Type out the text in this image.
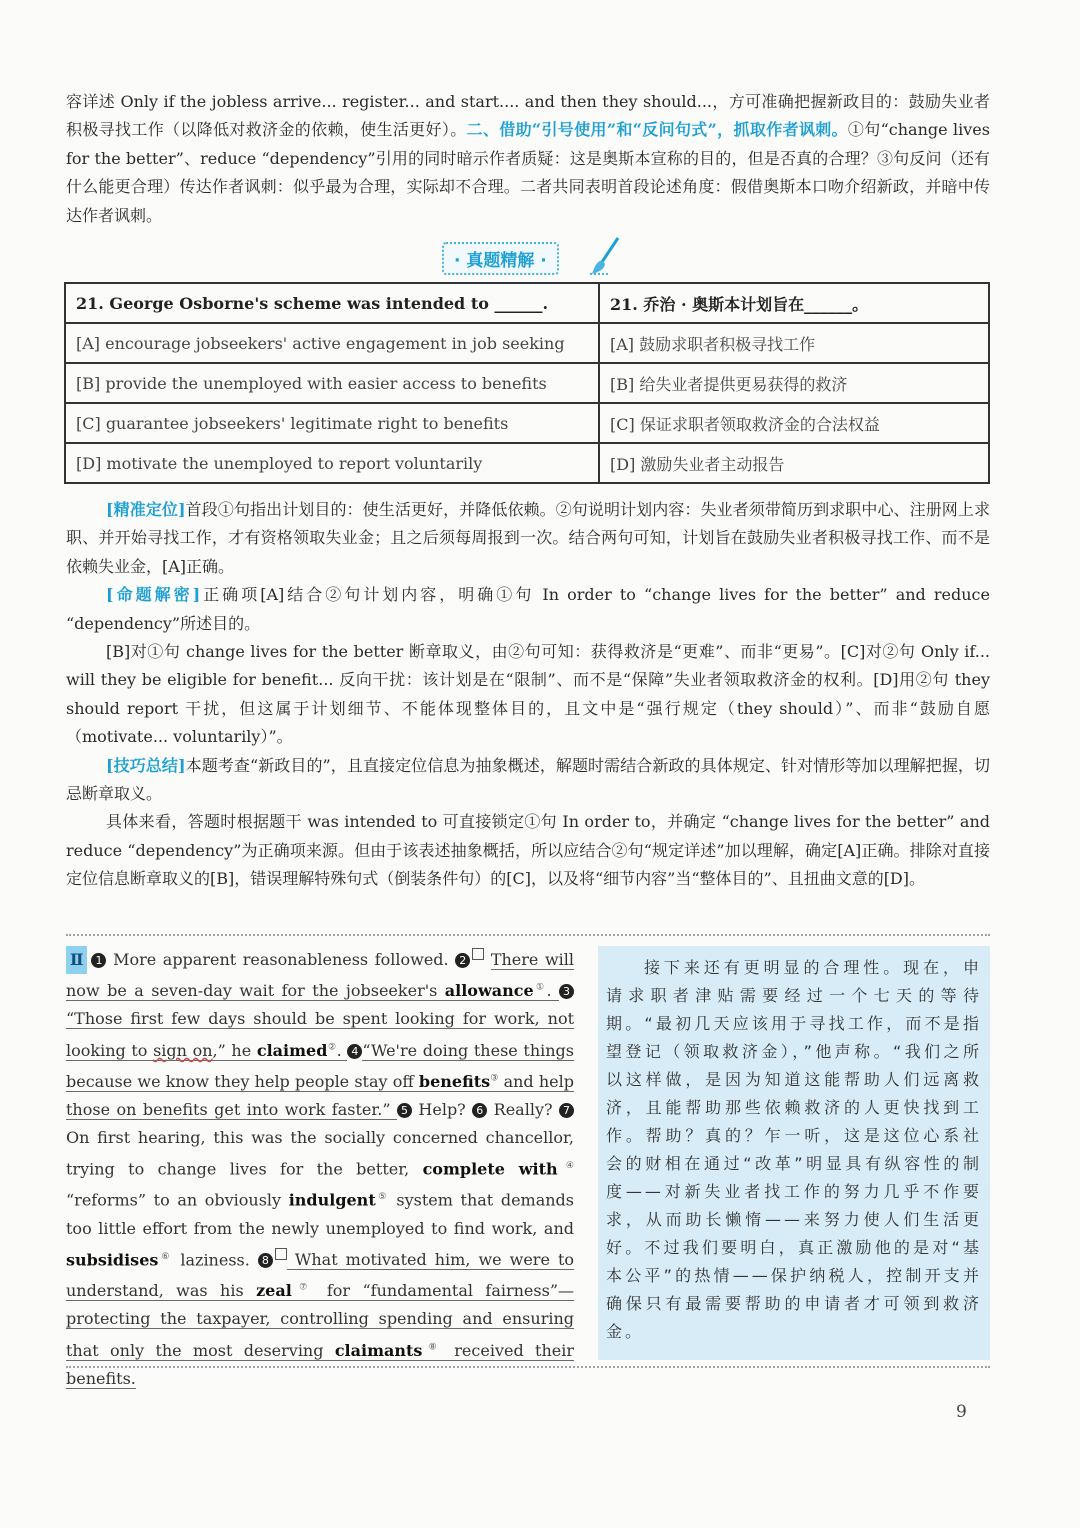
容详述 Only if the jobless arrive... register... and start.... and then they should...，方可准确把握新政目的：鼓励失业者积极寻找工作（以降低对救济金的依赖，使生活更好）。二、借助“引号使用”和“反问句式”，抓取作者讽刺。①句“change lives for the better”、reduce “dependency”引用的同时暗示作者质疑：这是奥斯本宣称的目的，但是否真的合理？③句反问（还有什么能更合理）传达作者讽刺：似乎最为合理，实际却不合理。二者共同表明首段论述角度：假借奥斯本口吻介绍新政，并暗中传达作者讽刺。
· 真题精解 ·
21. George Osborne's scheme was intended to ______.	21. 乔治 · 奥斯本计划旨在______。
[A] encourage jobseekers' active engagement in job seeking	[A] 鼓励求职者积极寻找工作
[B] provide the unemployed with easier access to benefits	[B] 给失业者提供更易获得的救济
[C] guarantee jobseekers' legitimate right to benefits	[C] 保证求职者领取救济金的合法权益
[D] motivate the unemployed to report voluntarily	[D] 激励失业者主动报告

[精准定位]首段①句指出计划目的：使生活更好，并降低依赖。②句说明计划内容：失业者须带简历到求职中心、注册网上求职、并开始寻找工作，才有资格领取失业金；且之后须每周报到一次。结合两句可知，计划旨在鼓励失业者积极寻找工作、而不是依赖失业金，[A]正确。

[命题解密]正确项[A]结合②句计划内容，明确①句 In order to “change lives for the better” and reduce “dependency”所述目的。

[B]对①句 change lives for the better 断章取义，由②句可知：获得救济是“更难”、而非“更易”。[C]对②句 Only if... will they be eligible for benefit... 反向干扰：该计划是在“限制”、而不是“保障”失业者领取救济金的权利。[D]用②句 they should report 干扰，但这属于计划细节、不能体现整体目的，且文中是“强行规定（they should）”、而非“鼓励自愿（motivate... voluntarily）”。

[技巧总结]本题考查“新政目的”，且直接定位信息为抽象概述，解题时需结合新政的具体规定、针对情形等加以理解把握，切忌断章取义。

具体来看，答题时根据题干 was intended to 可直接锁定①句 In order to，并确定 “change lives for the better” and reduce “dependency”为正确项来源。但由于该表述抽象概括，所以应结合②句“规定详述”加以理解，确定[A]正确。排除对直接定位信息断章取义的[B]，错误理解特殊句式（倒装条件句）的[C]，以及将“细节内容”当“整体目的”、且扭曲文意的[D]。

Ⅱ 1 More apparent reasonableness followed. 2 There will now be a seven-day wait for the jobseeker's allowance①. 3 “Those first few days should be spent looking for work, not looking to sign on,” he claimed②. 4 “We're doing these things because we know they help people stay off benefits③ and help those on benefits get into work faster.” 5 Help? 6 Really? 7 On first hearing, this was the socially concerned chancellor, trying to change lives for the better, complete with④ “reforms” to an obviously indulgent⑤ system that demands too little effort from the newly unemployed to find work, and subsidises⑥ laziness. 8 What motivated him, we were to understand, was his zeal⑦ for “fundamental fairness”— protecting the taxpayer, controlling spending and ensuring that only the most deserving claimants⑧ received their benefits.

接下来还有更明显的合理性。现在，申请求职者津贴需要经过一个七天的等待期。“最初几天应该用于寻找工作，而不是指望登记（领取救济金），”他声称。“我们之所以这样做，是因为知道这能帮助人们远离救济，且能帮助那些依赖救济的人更快找到工作。帮助？真的？乍一听，这是这位心系社会的财相在通过“改革”明显具有纵容性的制度——对新失业者找工作的努力几乎不作要求，从而助长懒惰——来努力使人们生活更好。不过我们要明白，真正激励他的是对“基本公平”的热情——保护纳税人，控制开支并确保只有最需要帮助的申请者才可领到救济金。

9
